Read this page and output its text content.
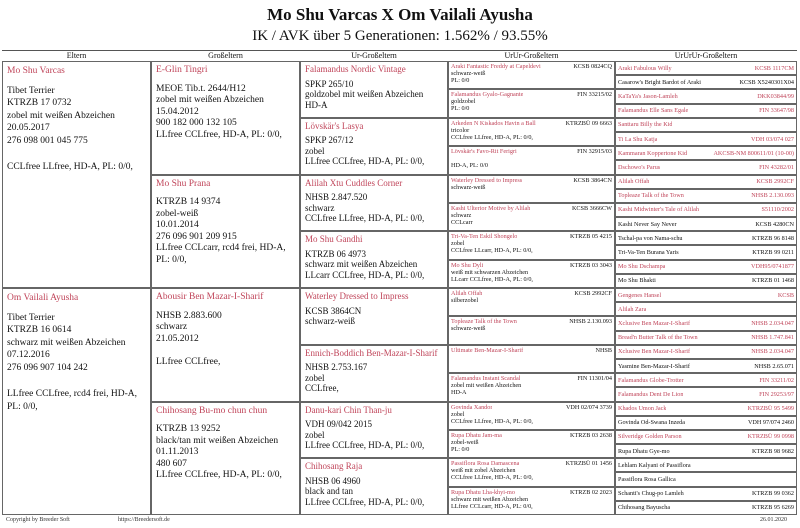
Mo Shu Varcas X Om Vailali Ayusha
IK / AVK über 5 Generationen: 1.562% / 93.55%
Eltern	Großeltern	Ur-Großeltern	UrUr-Großeltern	UrUrUr-Großeltern
Mo Shu Varcas
Tibet Terrier
KTRZB 17 0732
zobel mit weißen Abzeichen
20.05.2017
276 098 001 045 775
CCLfree LLfree, HD-A, PL: 0/0,
Om Vailali Ayusha
Tibet Terrier
KTRZB 16 0614
schwarz mit weißen Abzeichen
07.12.2016
276 096 907 104 242
LLfree CCLfree, rcd4 frei, HD-A, PL: 0/0,
E-Glin Tingri
MEOE Tib.t. 2644/H12
zobel mit weißen Abzeichen
15.04.2012
900 182 000 132 105
LLfree CCLfree, HD-A, PL: 0/0,
Mo Shu Prana
KTRZB 14 9374
zobel-weiß
10.01.2014
276 096 901 209 915
LLfree CCLcarr, rcd4 frei, HD-A, PL: 0/0,
Abousir Ben Mazar-I-Sharif
NHSB 2.883.600
schwarz
21.05.2012
LLfree CCLfree,
Chihosang Bu-mo chun chun
KTRZB 13 9252
black/tan mit weißen Abzeichen
01.11.2013
480 607
LLfree CCLfree, HD-A, PL: 0/0,
Falamandus Nordic Vintage
SPKP 265/10
goldzobel mit weißen Abzeichen
HD-A
Lövskär's Lasya
SPKP 267/12
zobel
LLfree CCLfree, HD-A, PL: 0/0,
Alilah Xtu Cuddles Corner
NHSB 2.847.520
schwarz
CCLfree LLfree, HD-A, PL: 0/0,
Mo Shu Gandhi
KTRZB 06 4973
schwarz mit weißen Abzeichen
LLcarr CCLfree, HD-A, PL: 0/0,
Waterley Dressed to Impress
KCSB 3864CN
schwarz-weiß
Ennich-Boddich Ben-Mazar-I-Sharif
NHSB 2.753.167
zobel
CCLfree,
Danu-kari Chin Than-ju
VDH 09/042 2015
zobel
LLfree CCLfree, HD-A, PL: 0/0,
Chihosang Raja
NHSB 06 4960
black and tan
LLfree CCLfree, HD-A, PL: 0/0,
Araki Fantastic Freddy at Capeldevi	KCSB 0824CQ
schwarz-weiß
PL: 0/0
Falamandus Gyalo-Gagnante	FIN 33215/02
goldzobel
PL: 0/0
Arkeden N Kiskados Havin a Ball	KTRZBÜ 09 6663
tricolor
CCLfree LLfree, HD-A, PL: 0/0,
Lövskär's Favo-Rit Ferigri	FIN 32915/03
HD-A, PL: 0/0
Waterley Dressed to Impress	KCSB 3864CN
schwarz-weiß
Kashi Ulterior Motive by Alilah	KCSB 3666CW
schwarz
CCLcarr
Tri-Va-Ten Eskil Shongelo	KTRZB 05 4215
zobel
CCLfree LLcarr, HD-A, PL: 0/0,
Mo Shu Dyli	KTRZB 03 3043
weiß mit schwarzen Abzeichen
LLcarr CCLfree, HD-A, PL: 0/0,
Alilah Offah	KCSB 2992CF
silberzobel
Topleaze Talk of the Town	NHSB 2.130.093
schwarz-weiß
Ultimate Ben-Mazar-I-Sharif	NHSB
Falamandus Instant Scandal	FIN 11301/04
zobel mit weißen Abzeichen
HD-A
Govinda Xandor	VDH 02/074 3739
zobel
CCLfree LLfree, HD-A, PL: 0/0,
Rupa Dhatu Jam-ma	KTRZB 03 2638
zobel-weiß
PL: 0/0
Passiflora Rosa Damascena	KTRZBÜ 01 1456
weiß mit zobel Abzeichen
CCLfree LLfree, HD-A, PL: 0/0,
Rupa Dhatu Lha-khyi-mo	KTRZB 02 2023
schwarz mit weißen Abzeichen
LLfree CCLcarr, HD-A, PL: 0/0,
Araki Fabulous Willy	KCSB 1117CM
Casarow's Bright Bardot of Araki	KCSB X5240301X04
KaTaYa's Jason-Lamleh	DKK03844/99
Falamandus Elle Sans Egale	FIN 33647/98
Santtaru Billy the Kid
Ti La Shu Katja	VDH 03/074 027
Kammaran Koppertone Kid	AKCSB-NM 800611/01 (10-00)
Dschowo's Parus	FIN 43282/01
Alilah Offah	KCSB 2992CF
Topleaze Talk of the Town	NHSB 2.130.093
Kashi Midwinter's Tale of Alilah	S51110/2002
Kashi Never Say Never	KCSB 4280CN
Tschal-pa von Nama-schu	KTRZB 96 8148
Tri-Va-Ten Burana Yaris	KTRZB 99 0211
Mo Shu Dschampa	VDH95/0741877
Mo Shu Bhakti	KTRZB 01 1468
Gengenes Hansel	KCSB
Alilah Zara
Xclusive Ben Mazar-I-Sharif	NHSB 2.034.047
Bread'n Butter Talk of the Town	NHSB 1.747.841
Xclusive Ben Mazar-I-Sharif	NHSB 2.034.047
Yasmine Ben-Mazar-I-Sharif	NHSB 2.65.071
Falamandus Globe-Trotter	FIN 33211/02
Falamandus Dent De Lion	FIN 29253/97
Khados Umon Jack	KTRZBÜ 95 5499
Govinda Od-Swana Inzeda	VDH 97/074 2460
Silveridge Golden Parson	KTRZBÜ 99 0998
Rupa Dhatu Gye-mo	KTRZB 98 9682
Lehlam Kalyani of Passiflora
Passiflora Rosa Gallica
Schanti's Chug-po Lamleh	KTRZB 99 0362
Chihosang Bayuscha	KTRZB 95 6269
Copyright by Breeder Soft	https://Breedersoft.de	26.01.2020
